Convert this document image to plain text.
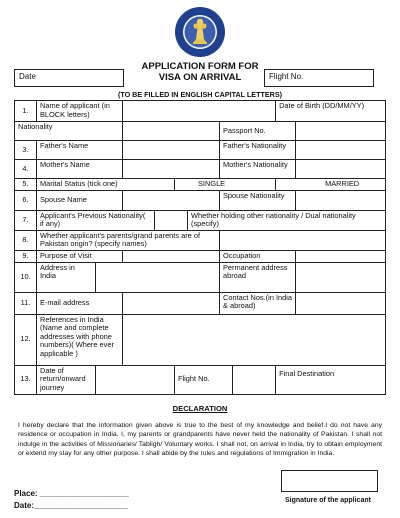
Date
APPLICATION FORM FOR
VISA ON ARRIVAL	Flight No.
(TO BE FILLED IN ENGLISH CAPITAL LETTERS)
1.	Name of applicant (in BLOCK letters)								Date of Birth (DD/MM/YY)	
Nationality							Passport No.			
3.	Father's Name						Father's Nationality			
4.	Mother's Name						Mother's Nationality			
5.	Marital Status (tick one)				SINGLE				MARRIED	
6.	Spouse Name						Spouse Nationality			
7.	Applicant's Previous Nationality( if any)					Whether holding other nationality / Dual nationality (specify)				
8.	Whether applicant's parents/grand parents are of Pakistan origin? (specify names)									
9.	Purpose of Visit						Occupation			
10.	Address in India						Permanent address abroad			
11.	E-mail address						Contact Nos.(in India & abroad)			
12.	References in India (Name and complete addresses with phone numbers)( Where ever applicable )									
13.	Date of return/onward journey				Flight No.				Final Destination	
DECLARATION
I hereby declare that the information given above is true to the best of my knowledge and belief.I do not have any residence or occupation in India. I, my parents or grandparents have never held the nationality of Pakistan. I shall not indulge in the activities of Missionaries/ Tabligh/ Voluntary works. I shall not, on arrival in India, try to obtain employment or extend my stay for any other purpose. I shall abide by the rules and regulations of Immigration in India.
Signature of the applicant
Place: ____________________
Date:_____________________
